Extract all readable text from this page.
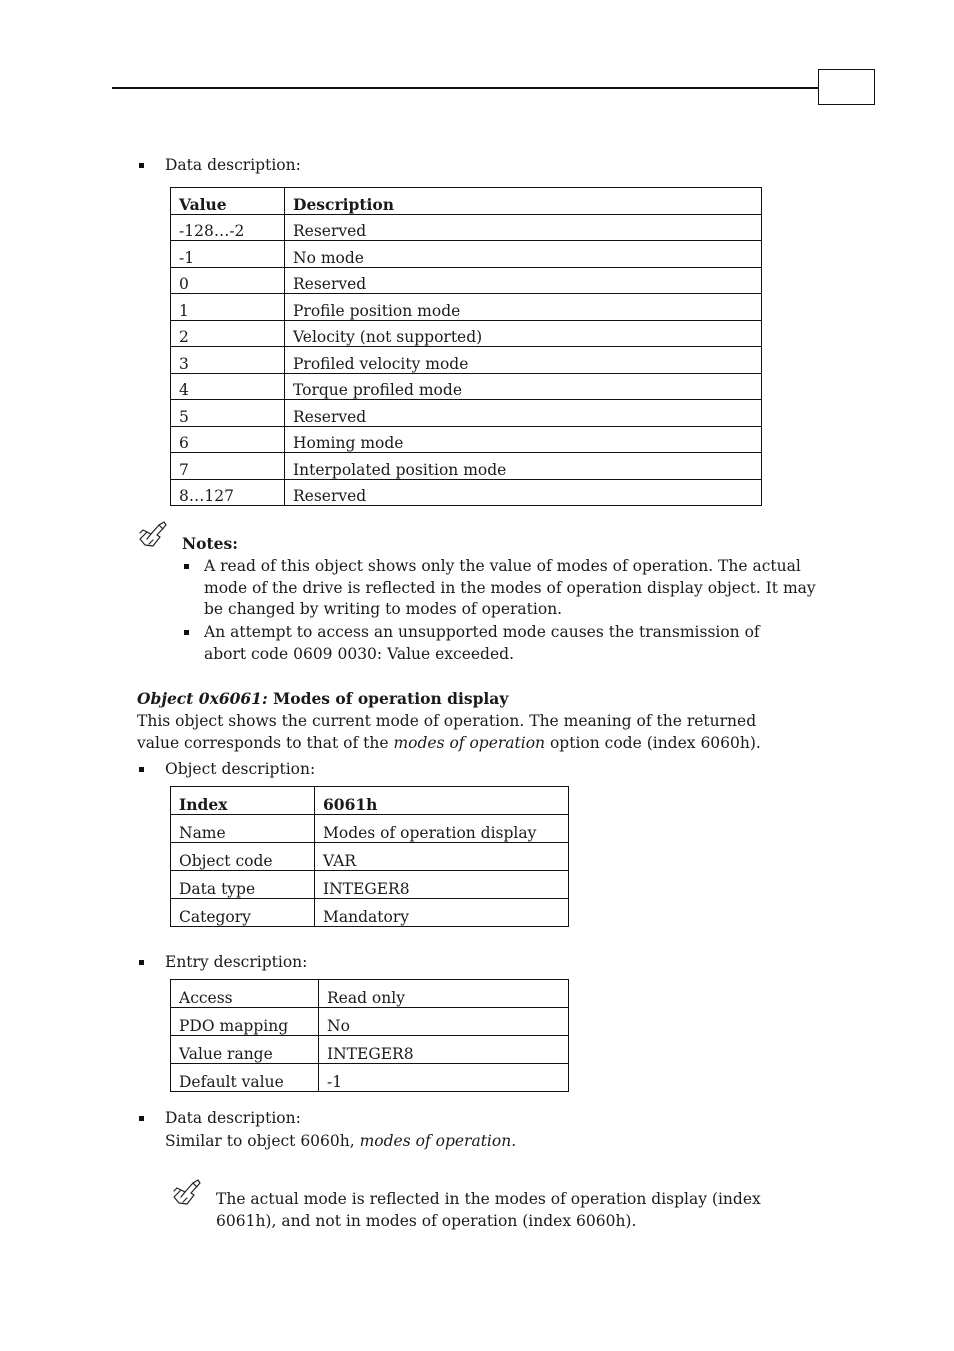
Data description:
Value	Description
-128…-2	Reserved
-1	No mode
0	Reserved
1	Profile position mode
2	Velocity (not supported)
3	Profiled velocity mode
4	Torque profiled mode
5	Reserved
6	Homing mode
7	Interpolated position mode
8…127	Reserved
Notes:
A read of this object shows only the value of modes of operation. The actual mode of the drive is reflected in the modes of operation display object. It may be changed by writing to modes of operation.
An attempt to access an unsupported mode causes the transmission of abort code 0609 0030: Value exceeded.
Object 0x6061: Modes of operation display
This object shows the current mode of operation. The meaning of the returned value corresponds to that of the modes of operation option code (index 6060h).
Object description:
Index	6061h
Name	Modes of operation display
Object code	VAR
Data type	INTEGER8
Category	Mandatory
Entry description:
Access	Read only
PDO mapping	No
Value range	INTEGER8
Default value	-1
Data description:
Similar to object 6060h, modes of operation.
The actual mode is reflected in the modes of operation display (index 6061h), and not in modes of operation (index 6060h).
